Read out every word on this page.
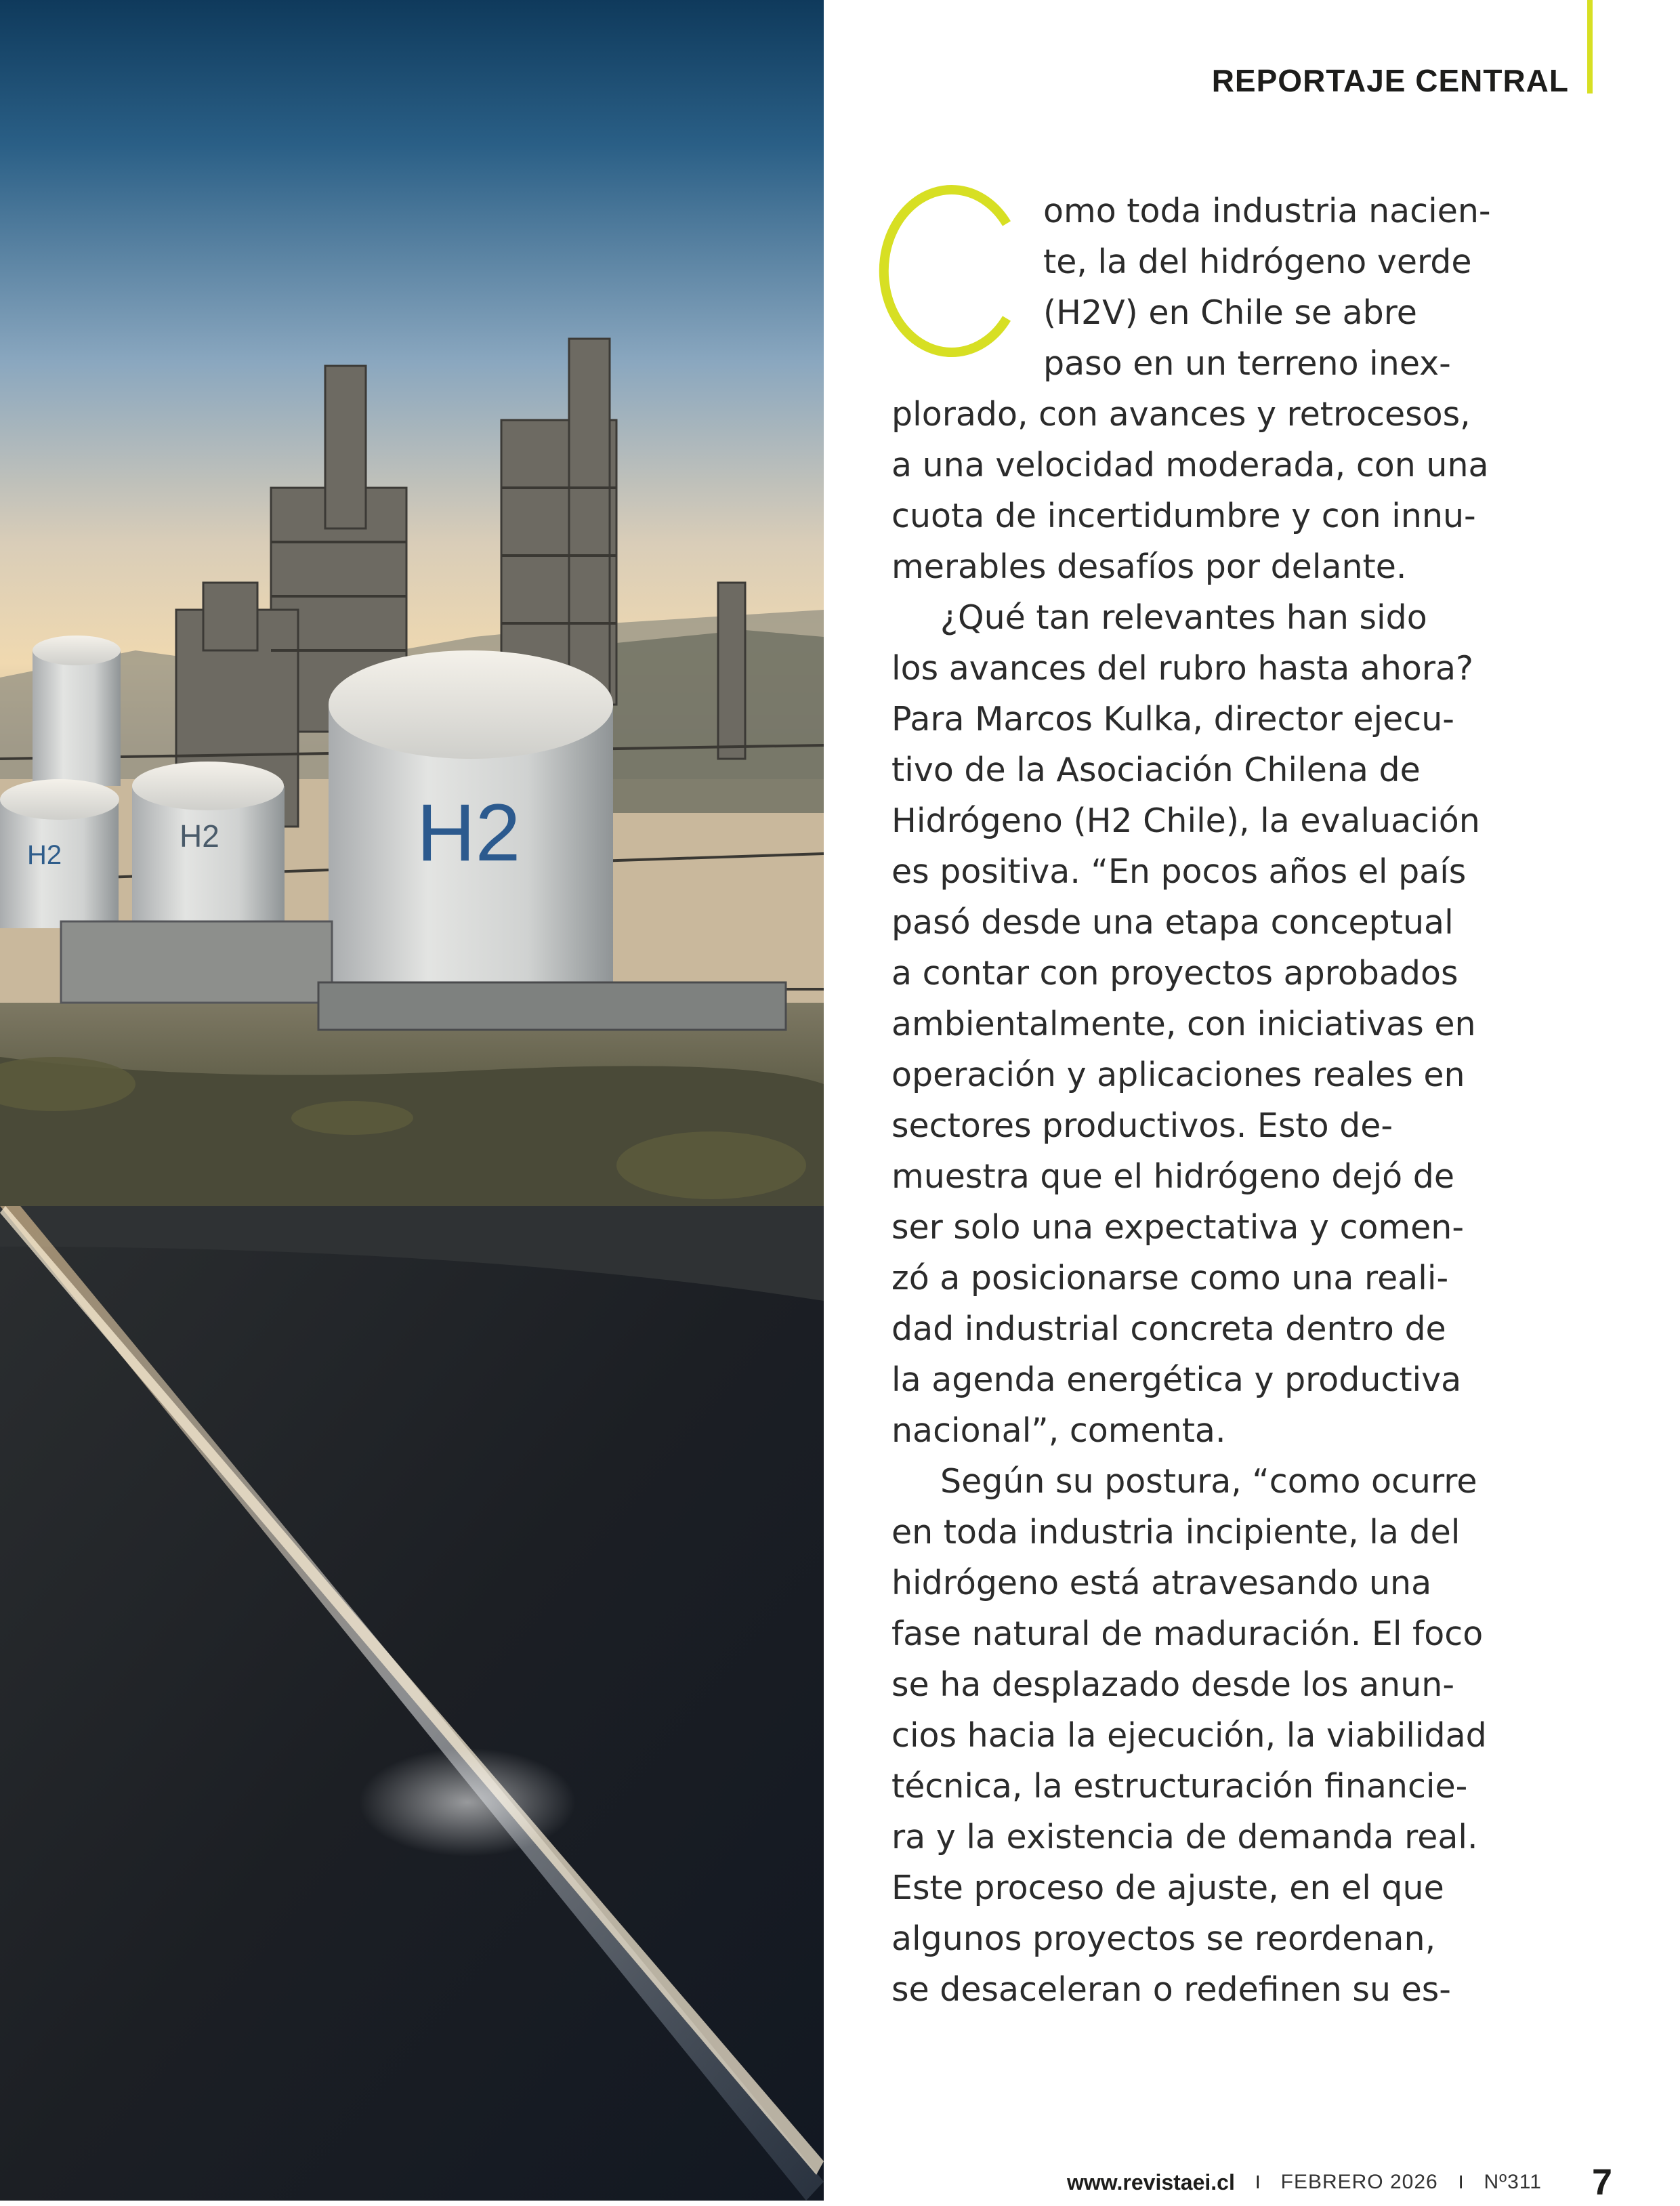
H2
H2 H2
REPORTAJE CENTRAL

omo toda industria nacien-
te, la del hidrógeno verde
(H2V) en Chile se abre
paso en un terreno inex-
plorado, con avances y retrocesos,
a una velocidad moderada, con una
cuota de incertidumbre y con innu-
merables desafíos por delante.

¿Qué tan relevantes han sido
los avances del rubro hasta ahora?
Para Marcos Kulka, director ejecu-
tivo de la Asociación Chilena de
Hidrógeno (H2 Chile), la evaluación
es positiva. “En pocos años el país
pasó desde una etapa conceptual
a contar con proyectos aprobados
ambientalmente, con iniciativas en
operación y aplicaciones reales en
sectores productivos. Esto de-
muestra que el hidrógeno dejó de
ser solo una expectativa y comen-
zó a posicionarse como una reali-
dad industrial concreta dentro de
la agenda energética y productiva
nacional”, comenta.

Según su postura, “como ocurre
en toda industria incipiente, la del
hidrógeno está atravesando una
fase natural de maduración. El foco
se ha desplazado desde los anun-
cios hacia la ejecución, la viabilidad
técnica, la estructuración financie-
ra y la existencia de demanda real.
Este proceso de ajuste, en el que
algunos proyectos se reordenan,
se desaceleran o redefinen su es-

www.revistaei.cl I FEBRERO 2026 I Nº311 7
